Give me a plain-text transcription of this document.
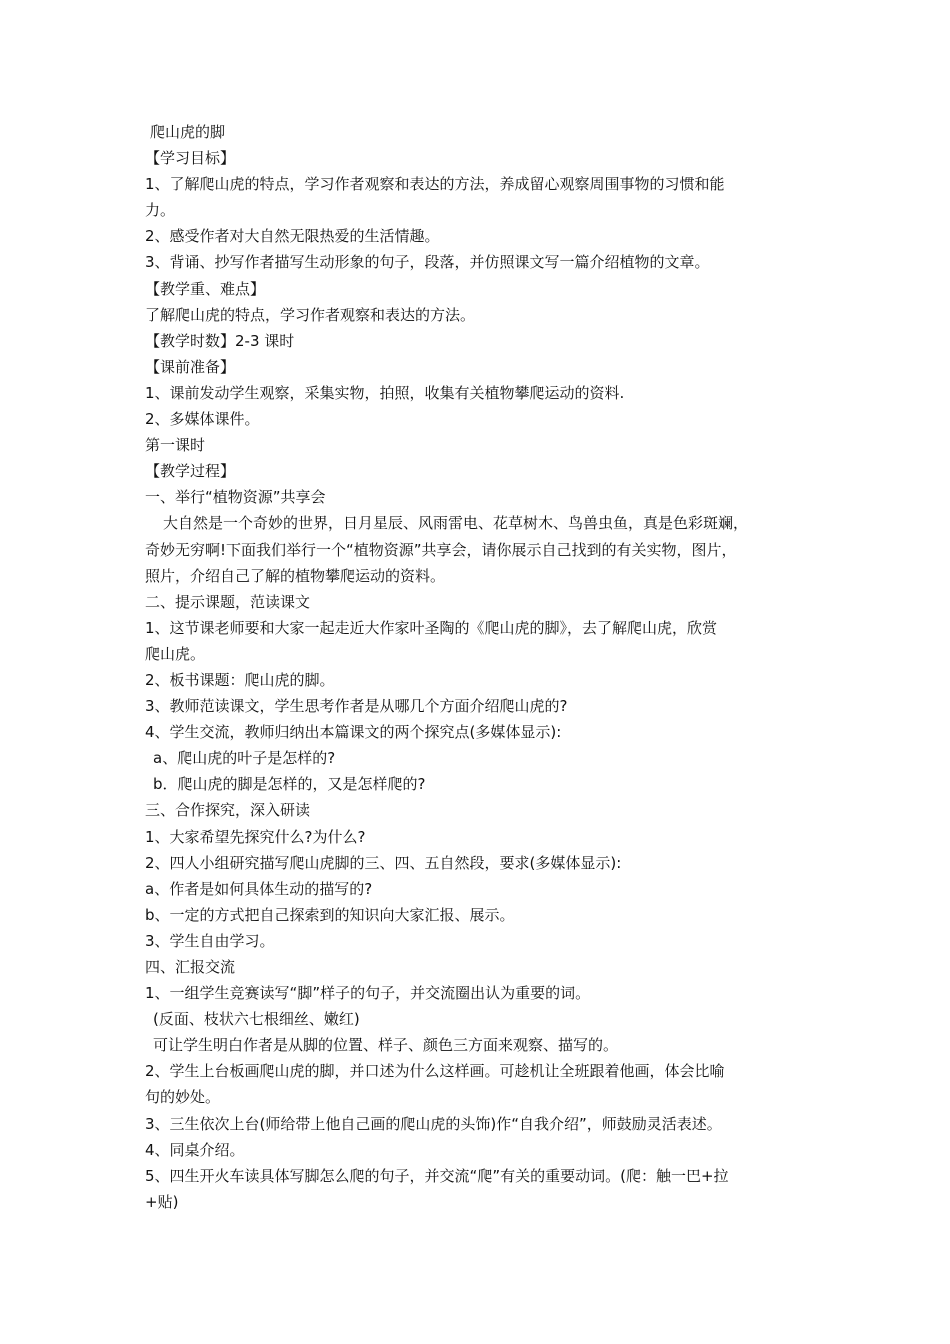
爬山虎的脚
【学习目标】
1、了解爬山虎的特点，学习作者观察和表达的方法，养成留心观察周围事物的习惯和能
力。
2、感受作者对大自然无限热爱的生活情趣。
3、背诵、抄写作者描写生动形象的句子，段落，并仿照课文写一篇介绍植物的文章。
【教学重、难点】
了解爬山虎的特点，学习作者观察和表达的方法。
【教学时数】2-3 课时
【课前准备】
1、课前发动学生观察，采集实物，拍照，收集有关植物攀爬运动的资料.
2、多媒体课件。
第一课时
【教学过程】
一、举行“植物资源”共享会
大自然是一个奇妙的世界，日月星辰、风雨雷电、花草树木、鸟兽虫鱼，真是色彩斑斓，
奇妙无穷啊!下面我们举行一个“植物资源”共享会，请你展示自己找到的有关实物，图片，
照片，介绍自己了解的植物攀爬运动的资料。
二、提示课题，范读课文
1、这节课老师要和大家一起走近大作家叶圣陶的《爬山虎的脚》，去了解爬山虎，欣赏
爬山虎。
2、板书课题：爬山虎的脚。
3、教师范读课文，学生思考作者是从哪几个方面介绍爬山虎的?
4、学生交流，教师归纳出本篇课文的两个探究点(多媒体显示):
a、爬山虎的叶子是怎样的?
b．爬山虎的脚是怎样的，又是怎样爬的?
三、合作探究，深入研读
1、大家希望先探究什么?为什么?
2、四人小组研究描写爬山虎脚的三、四、五自然段，要求(多媒体显示):
a、作者是如何具体生动的描写的?
b、一定的方式把自己探索到的知识向大家汇报、展示。
3、学生自由学习。
四、汇报交流
1、一组学生竞赛读写“脚”样子的句子，并交流圈出认为重要的词。
(反面、枝状六七根细丝、嫩红)
可让学生明白作者是从脚的位置、样子、颜色三方面来观察、描写的。
2、学生上台板画爬山虎的脚，并口述为什么这样画。可趁机让全班跟着他画，体会比喻
句的妙处。
3、三生依次上台(师给带上他自己画的爬山虎的头饰)作“自我介绍”，师鼓励灵活表述。
4、同桌介绍。
5、四生开火车读具体写脚怎么爬的句子，并交流“爬”有关的重要动词。(爬：触一巴+拉
+贴)
